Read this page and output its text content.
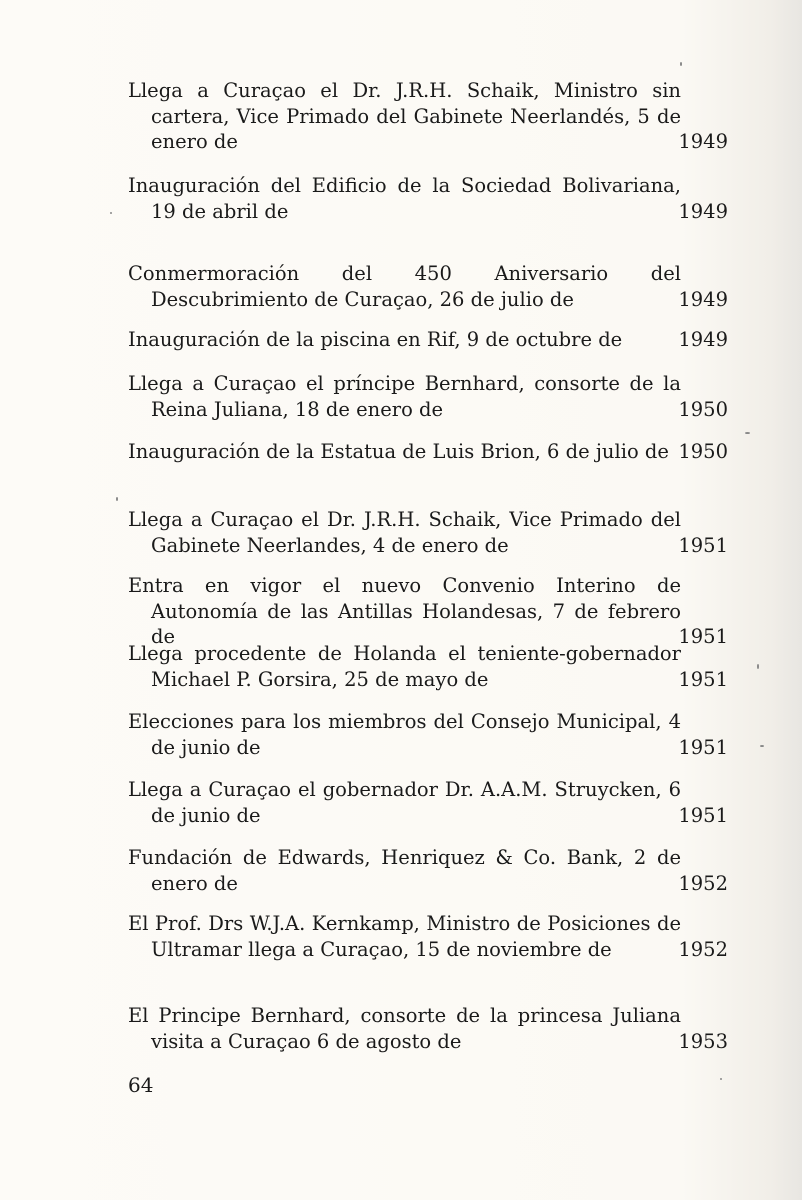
Llega a Curaçao el Dr. J.R.H. Schaik, Ministro sin cartera, Vice Primado del Gabinete Neerlandés, 5 de enero de	1949
Inauguración del Edificio de la Sociedad Bolivariana, 19 de abril de	1949
Conmermoración del 450 Aniversario del Descubrimiento de Curaçao, 26 de julio de	1949
Inauguración de la piscina en Rif, 9 de octubre de	1949
Llega a Curaçao el príncipe Bernhard, consorte de la Reina Juliana, 18 de enero de	1950
Inauguración de la Estatua de Luis Brion, 6 de julio de 1950
Llega a Curaçao el Dr. J.R.H. Schaik, Vice Primado del Gabinete Neerlandes, 4 de enero de	1951
Entra en vigor el nuevo Convenio Interino de Autonomía de las Antillas Holandesas, 7 de febrero de	1951
Llega procedente de Holanda el teniente-gobernador Michael P. Gorsira, 25 de mayo de	1951
Elecciones para los miembros del Consejo Municipal, 4 de junio de	1951
Llega a Curaçao el gobernador Dr. A.A.M. Struycken, 6 de junio de	1951
Fundación de Edwards, Henriquez & Co. Bank, 2 de enero de	1952
El Prof. Drs W.J.A. Kernkamp, Ministro de Posiciones de Ultramar llega a Curaçao, 15 de noviembre de	1952
El Principe Bernhard, consorte de la princesa Juliana visita a Curaçao 6 de agosto de	1953
64
